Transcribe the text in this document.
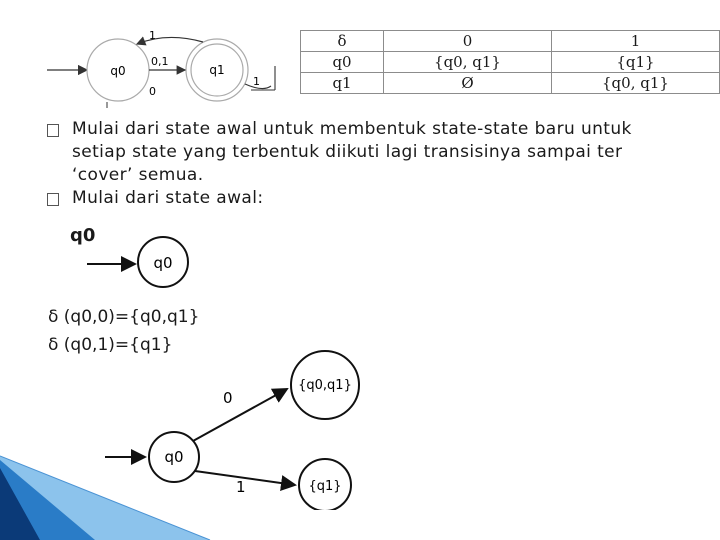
q0	q1
1
0,1
0
1
δ	0	1
q0	{q0, q1}	{q1}
q1	Ø	{q0, q1}
Mulai dari state awal untuk membentuk state-state baru untuk setiap state yang terbentuk diikuti lagi transisinya sampai ter ‘cover’ semua.
Mulai dari state awal:
q0
q0
δ (q0,0)={q0,q1}
δ (q0,1)={q1}
q0
{q0,q1}
{q1}
0
1
